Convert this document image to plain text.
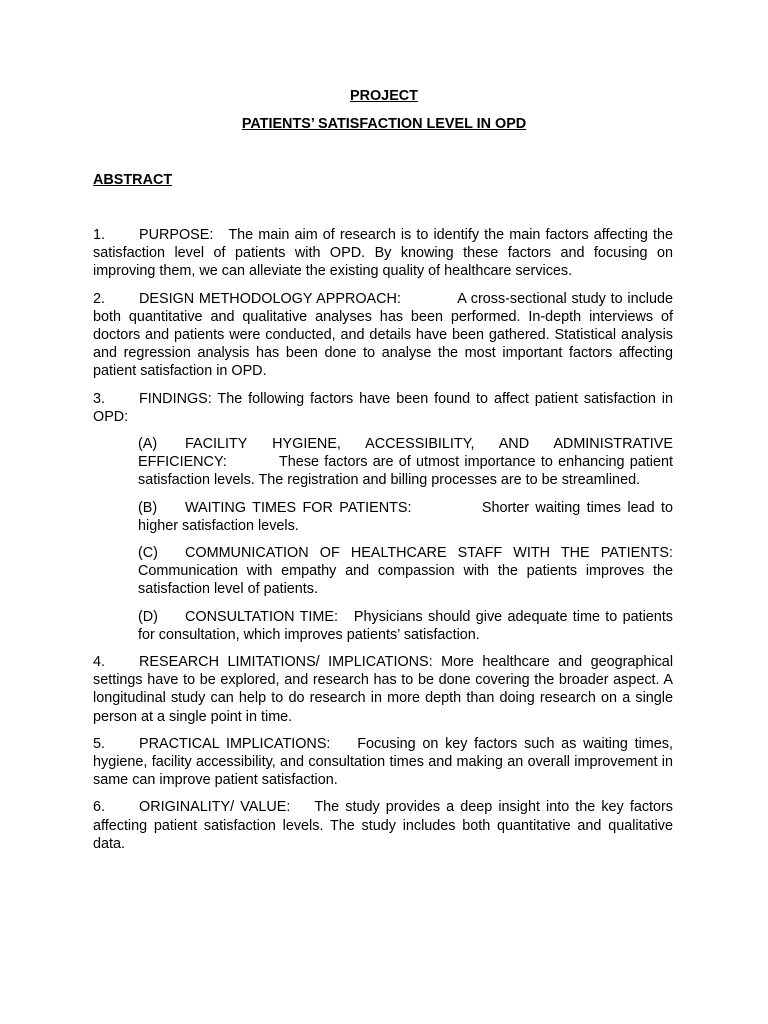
PROJECT

PATIENTS’ SATISFACTION LEVEL IN OPD

ABSTRACT

1. PURPOSE: The main aim of research is to identify the main factors affecting the satisfaction level of patients with OPD. By knowing these factors and focusing on improving them, we can alleviate the existing quality of healthcare services.

2. DESIGN METHODOLOGY APPROACH:	A cross-sectional study to include both quantitative and qualitative analyses has been performed. In-depth interviews of doctors and patients were conducted, and details have been gathered. Statistical analysis and regression analysis has been done to analyse the most important factors affecting patient satisfaction in OPD.

3. FINDINGS: The following factors have been found to affect patient satisfaction in OPD:

(A) FACILITY HYGIENE, ACCESSIBILITY, AND ADMINISTRATIVE EFFICIENCY:	These factors are of utmost importance to enhancing patient satisfaction levels. The registration and billing processes are to be streamlined.

(B) WAITING TIMES FOR PATIENTS:	Shorter waiting times lead to higher satisfaction levels.

(C) COMMUNICATION OF HEALTHCARE STAFF WITH THE PATIENTS: Communication with empathy and compassion with the patients improves the satisfaction level of patients.

(D) CONSULTATION TIME: Physicians should give adequate time to patients for consultation, which improves patients’ satisfaction.

4. RESEARCH LIMITATIONS/ IMPLICATIONS: More healthcare and geographical settings have to be explored, and research has to be done covering the broader aspect. A longitudinal study can help to do research in more depth than doing research on a single person at a single point in time.

5. PRACTICAL IMPLICATIONS: Focusing on key factors such as waiting times, hygiene, facility accessibility, and consultation times and making an overall improvement in same can improve patient satisfaction.

6. ORIGINALITY/ VALUE: The study provides a deep insight into the key factors affecting patient satisfaction levels. The study includes both quantitative and qualitative data.
